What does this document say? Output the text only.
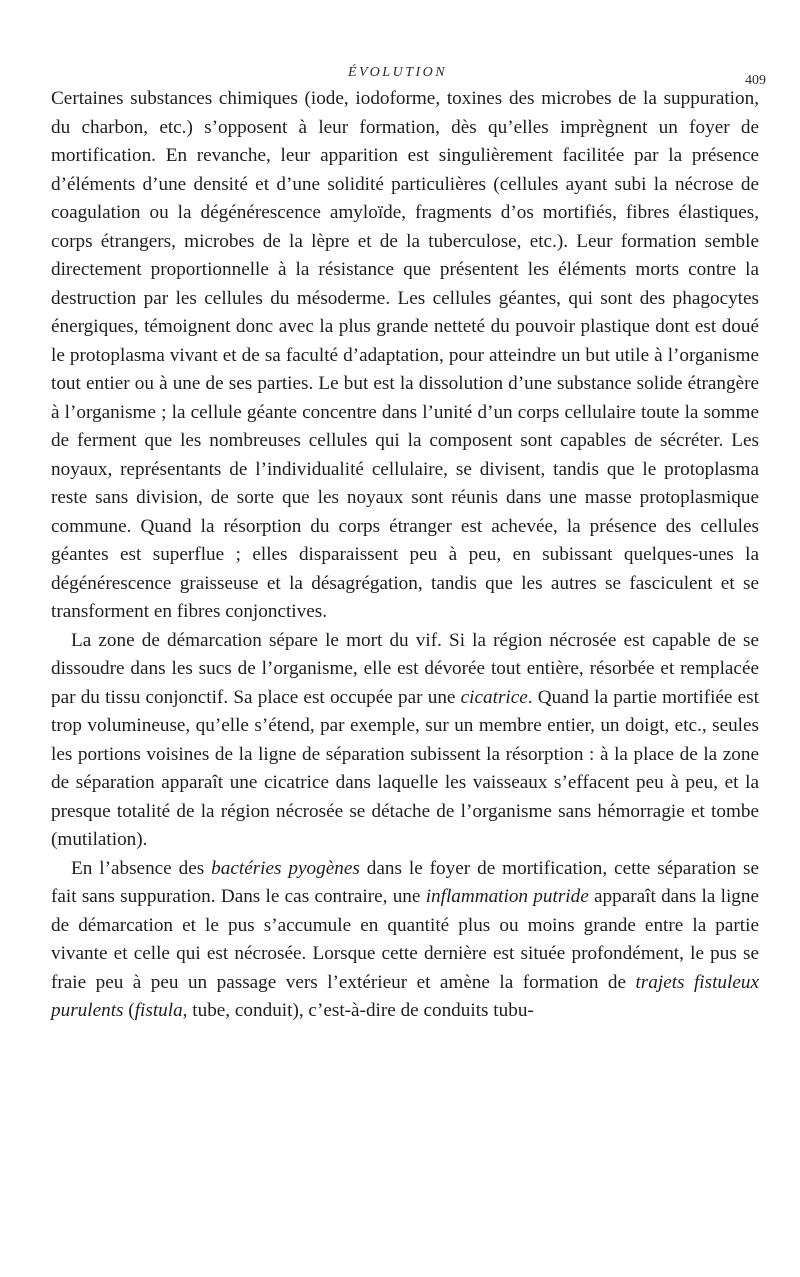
ÉVOLUTION
409

Certaines substances chimiques (iode, iodoforme, toxines des microbes de la suppuration, du charbon, etc.) s’opposent à leur formation, dès qu’elles imprègnent un foyer de mortification. En revanche, leur apparition est singulièrement facilitée par la présence d’éléments d’une densité et d’une solidité particulières (cellules ayant subi la nécrose de coagulation ou la dégénérescence amyloïde, fragments d’os mortifiés, fibres élastiques, corps étrangers, microbes de la lèpre et de la tuberculose, etc.). Leur formation semble directement proportionnelle à la résistance que présentent les éléments morts contre la destruction par les cellules du mésoderme. Les cellules géantes, qui sont des phagocytes énergiques, témoignent donc avec la plus grande netteté du pouvoir plastique dont est doué le protoplasma vivant et de sa faculté d’adaptation, pour atteindre un but utile à l’organisme tout entier ou à une de ses parties. Le but est la dissolution d’une substance solide étrangère à l’organisme ; la cellule géante concentre dans l’unité d’un corps cellulaire toute la somme de ferment que les nombreuses cellules qui la composent sont capables de sécréter. Les noyaux, représentants de l’individualité cellulaire, se divisent, tandis que le protoplasma reste sans division, de sorte que les noyaux sont réunis dans une masse protoplasmique commune. Quand la résorption du corps étranger est achevée, la présence des cellules géantes est superflue ; elles disparaissent peu à peu, en subissant quelques-unes la dégénérescence graisseuse et la désagrégation, tandis que les autres se fasciculent et se transforment en fibres conjonctives.

La zone de démarcation sépare le mort du vif. Si la région nécrosée est capable de se dissoudre dans les sucs de l’organisme, elle est dévorée tout entière, résorbée et remplacée par du tissu conjonctif. Sa place est occupée par une cicatrice. Quand la partie mortifiée est trop volumineuse, qu’elle s’étend, par exemple, sur un membre entier, un doigt, etc., seules les portions voisines de la ligne de séparation subissent la résorption : à la place de la zone de séparation apparaît une cicatrice dans laquelle les vaisseaux s’effacent peu à peu, et la presque totalité de la région nécrosée se détache de l’organisme sans hémorragie et tombe (mutilation).

En l’absence des bactéries pyogènes dans le foyer de mortification, cette séparation se fait sans suppuration. Dans le cas contraire, une inflammation putride apparaît dans la ligne de démarcation et le pus s’accumule en quantité plus ou moins grande entre la partie vivante et celle qui est nécrosée. Lorsque cette dernière est située profondément, le pus se fraie peu à peu un passage vers l’extérieur et amène la formation de trajets fistuleux purulents (fistula, tube, conduit), c’est-à-dire de conduits tubu-
